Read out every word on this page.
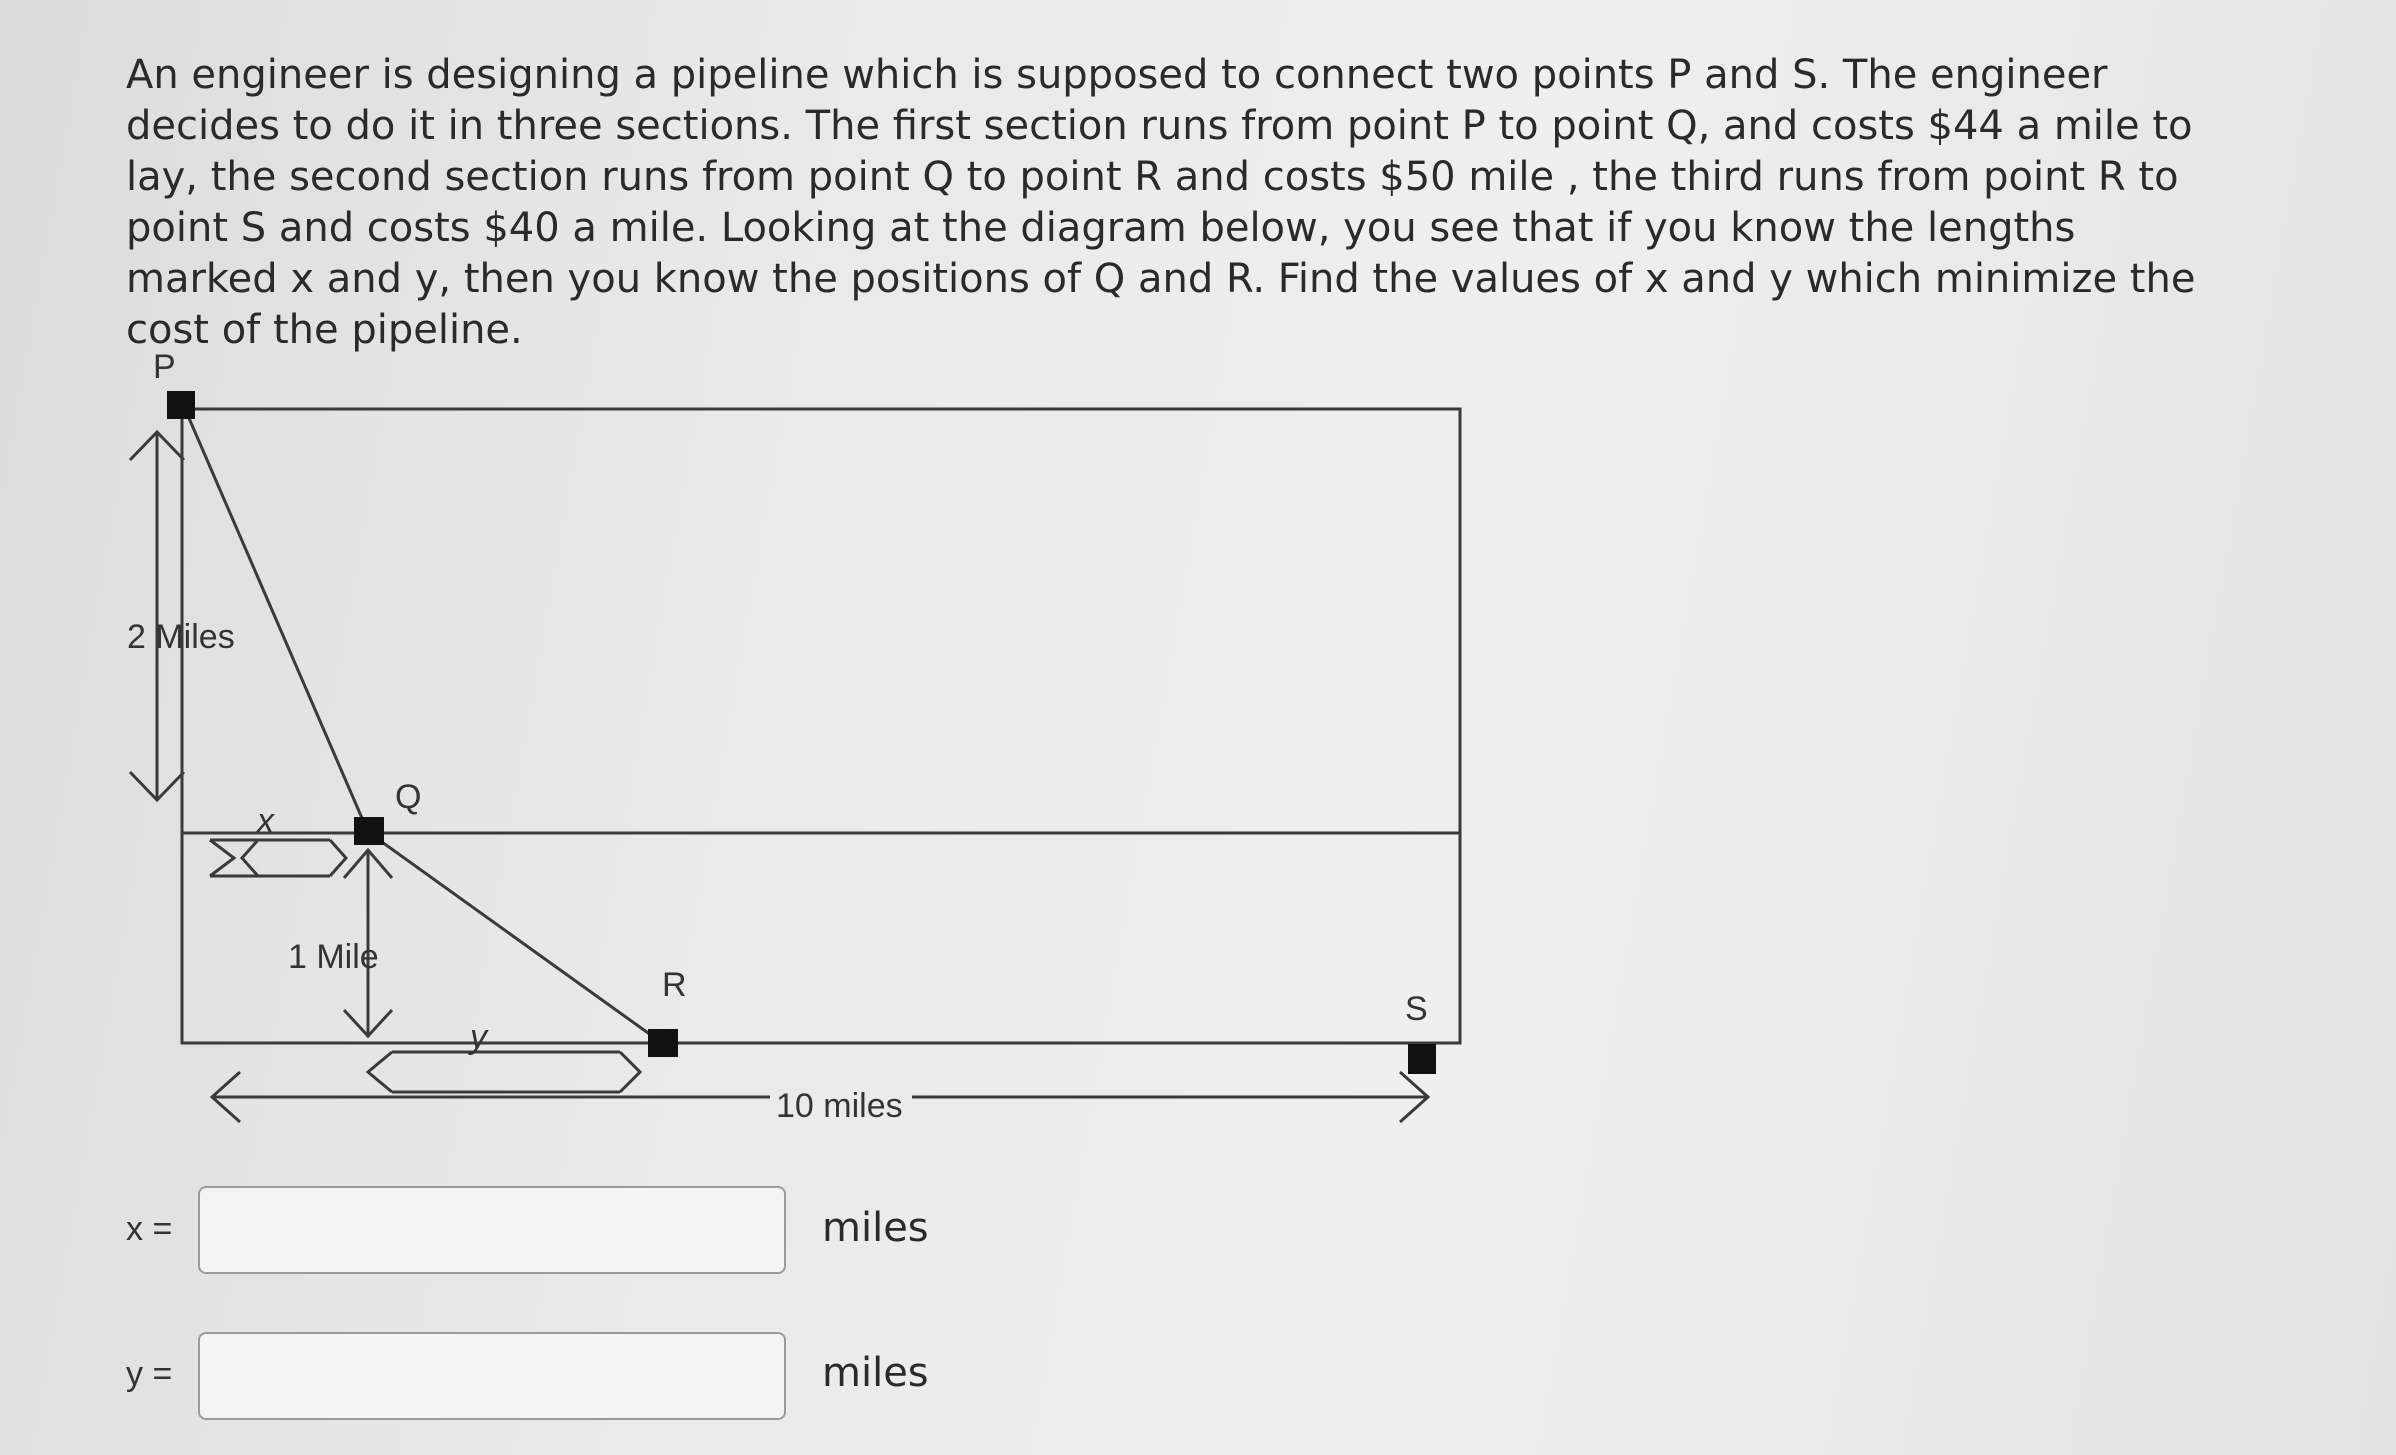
An engineer is designing a pipeline which is supposed to connect two points P and S. The engineer decides to do it in three sections. The first section runs from point P to point Q, and costs $44 a mile to lay, the second section runs from point Q to point R and costs $50 mile , the third runs from point R to point S and costs $40 a mile. Looking at the diagram below, you see that if you know the lengths marked x and y, then you know the positions of Q and R. Find the values of x and y which minimize the cost of the pipeline.

P
Q
R
S
2 Miles
1 Mile
x
y
10 miles
x =	miles
y =	miles
